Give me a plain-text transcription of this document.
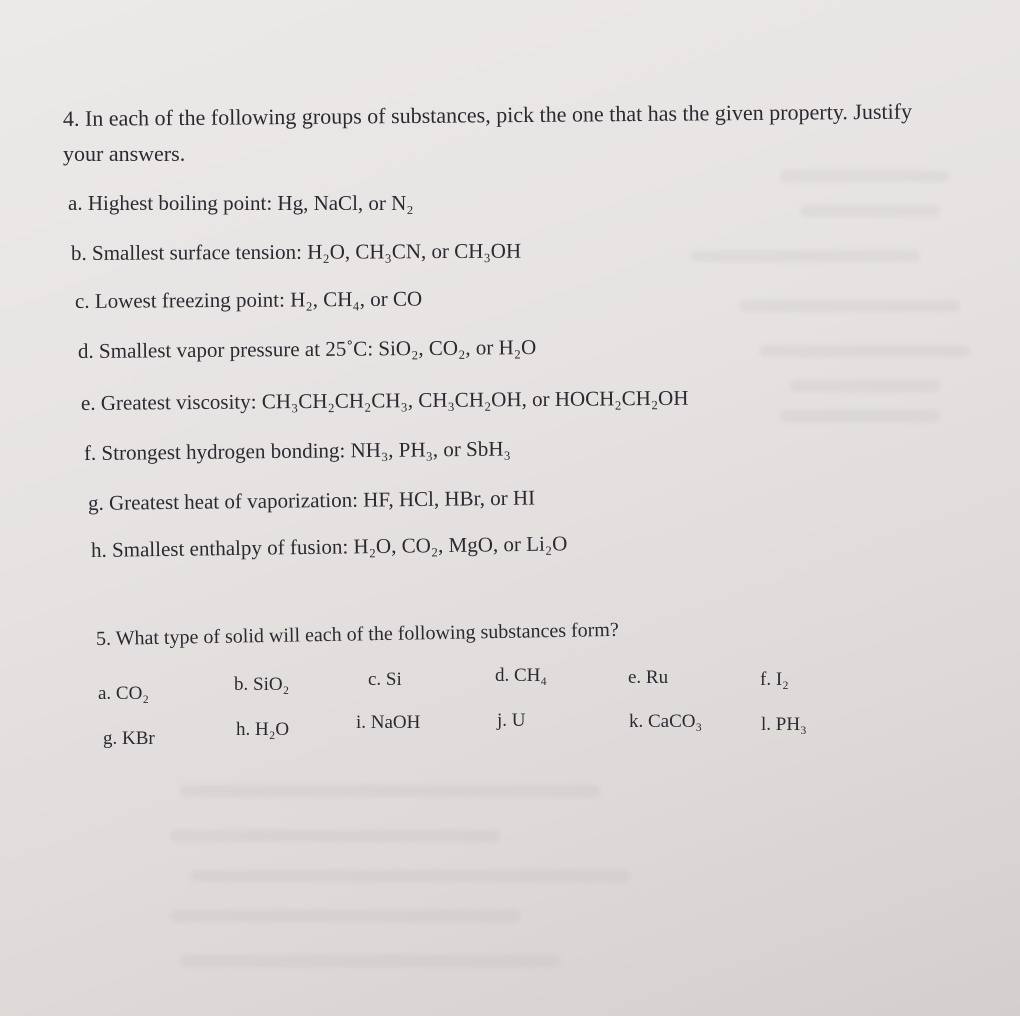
4. In each of the following groups of substances, pick the one that has the given property. Justify
your answers.
a. Highest boiling point: Hg, NaCl, or N₂
b. Smallest surface tension: H₂O, CH₃CN, or CH₃OH
c. Lowest freezing point: H₂, CH₄, or CO
d. Smallest vapor pressure at 25˚C: SiO₂, CO₂, or H₂O
e. Greatest viscosity: CH₃CH₂CH₂CH₃, CH₃CH₂OH, or HOCH₂CH₂OH
f. Strongest hydrogen bonding: NH₃, PH₃, or SbH₃
g. Greatest heat of vaporization: HF, HCl, HBr, or HI
h. Smallest enthalpy of fusion: H₂O, CO₂, MgO, or Li₂O
5. What type of solid will each of the following substances form?
a. CO₂	b. SiO₂	c. Si	d. CH₄	e. Ru	f. I₂
g. KBr	h. H₂O	i. NaOH	j. U	k. CaCO₃	l. PH₃
